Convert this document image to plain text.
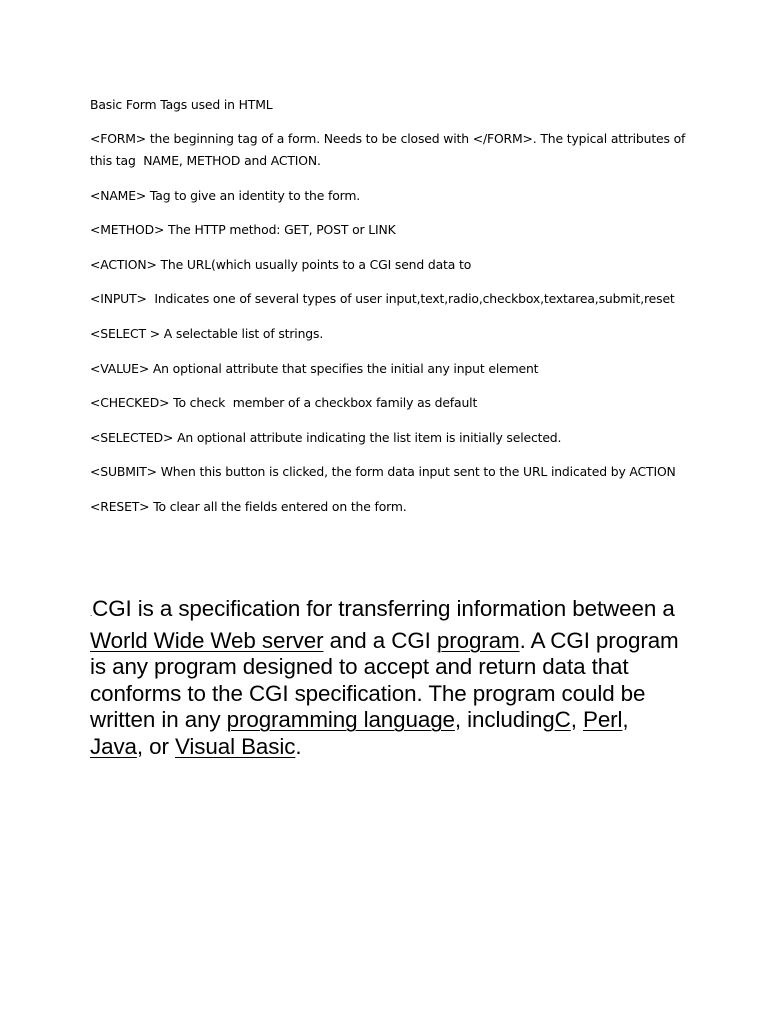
Basic Form Tags used in HTML

<FORM> the beginning tag of a form. Needs to be closed with </FORM>. The typical attributes of this tag  NAME, METHOD and ACTION.

<NAME> Tag to give an identity to the form.

<METHOD> The HTTP method: GET, POST or LINK

<ACTION> The URL(which usually points to a CGI send data to

<INPUT>  Indicates one of several types of user input,text,radio,checkbox,textarea,submit,reset

<SELECT > A selectable list of strings.

<VALUE> An optional attribute that specifies the initial any input element

<CHECKED> To check  member of a checkbox family as default

<SELECTED> An optional attribute indicating the list item is initially selected.

<SUBMIT> When this button is clicked, the form data input sent to the URL indicated by ACTION

<RESET> To clear all the fields entered on the form.

.CGI is a specification for transferring information between a World Wide Web server and a CGI program. A CGI program is any program designed to accept and return data that conforms to the CGI specification. The program could be written in any programming language, includingC, Perl, Java, or Visual Basic.
